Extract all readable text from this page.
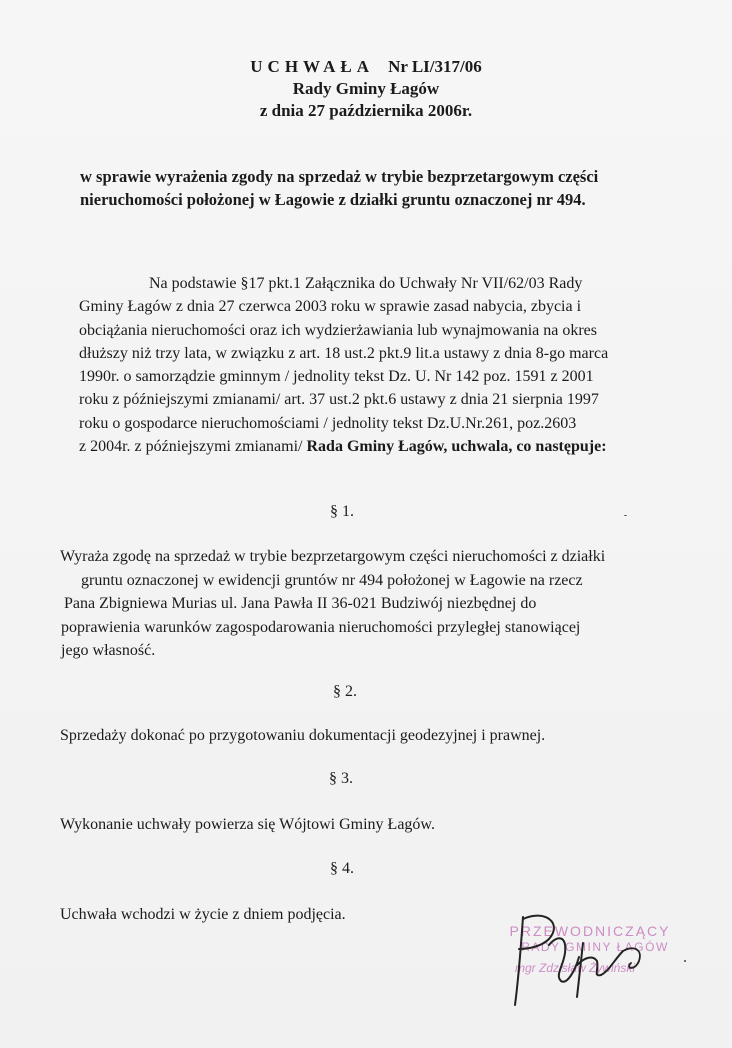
UCHWAŁA Nr LI/317/06
Rady Gminy Łagów
z dnia 27 października 2006r.
w sprawie wyrażenia zgody na sprzedaż w trybie bezprzetargowym części
nieruchomości położonej w Łagowie z działki gruntu oznaczonej nr 494.
Na podstawie §17 pkt.1 Załącznika do Uchwały Nr VII/62/03 Rady
Gminy Łagów z dnia 27 czerwca 2003 roku w sprawie zasad nabycia, zbycia i
obciążania nieruchomości oraz ich wydzierżawiania lub wynajmowania na okres
dłuższy niż trzy lata, w związku z art. 18 ust.2 pkt.9 lit.a ustawy z dnia 8-go marca
1990r. o samorządzie gminnym / jednolity tekst Dz. U. Nr 142 poz. 1591 z 2001
roku z późniejszymi zmianami/ art. 37 ust.2 pkt.6 ustawy z dnia 21 sierpnia 1997
roku o gospodarce nieruchomościami / jednolity tekst Dz.U.Nr.261, poz.2603
z 2004r. z późniejszymi zmianami/ Rada Gminy Łagów, uchwala, co następuje:
§ 1.
Wyraża zgodę na sprzedaż w trybie bezprzetargowym części nieruchomości z działki
gruntu oznaczonej w ewidencji gruntów nr 494 położonej w Łagowie na rzecz
Pana Zbigniewa Murias ul. Jana Pawła II 36-021 Budziwój niezbędnej do
poprawienia warunków zagospodarowania nieruchomości przyległej stanowiącej
jego własność.
§ 2.
Sprzedaży dokonać po przygotowaniu dokumentacji geodezyjnej i prawnej.
§ 3.
Wykonanie uchwały powierza się Wójtowi Gminy Łagów.
§ 4.
Uchwała wchodzi w życie z dniem podjęcia.
PRZEWODNICZĄCY
RADY GMINY ŁAGÓW
mgr Zdzisław Żywiński
